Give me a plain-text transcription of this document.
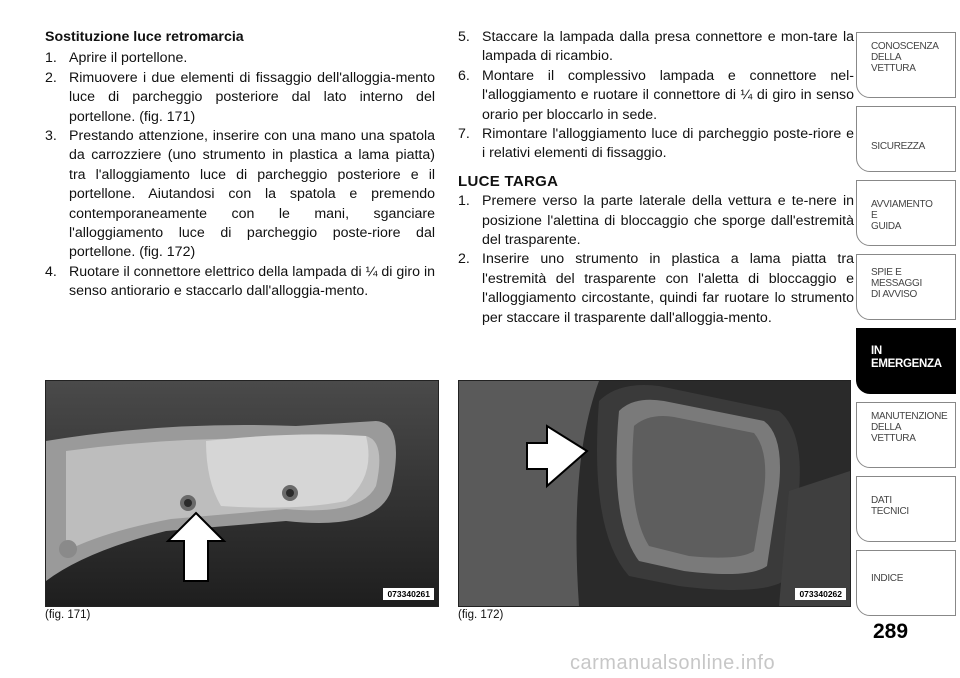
Sostituzione luce retromarcia
1. Aprire il portellone.
2. Rimuovere i due elementi di fissaggio dell'alloggia-mento luce di parcheggio posteriore dal lato interno del portellone. (fig. 171)
3. Prestando attenzione, inserire con una mano una spatola da carrozziere (uno strumento in plastica a lama piatta) tra l'alloggiamento luce di parcheggio posteriore e il portellone. Aiutandosi con la spatola e premendo contemporaneamente con le mani, sganciare l'alloggiamento luce di parcheggio poste-riore dal portellone. (fig. 172)
4. Ruotare il connettore elettrico della lampada di ¼ di giro in senso antiorario e staccarlo dall'alloggia-mento.
5. Staccare la lampada dalla presa connettore e mon-tare la lampada di ricambio.
6. Montare il complessivo lampada e connettore nel-l'alloggiamento e ruotare il connettore di ¼ di giro in senso orario per bloccarlo in sede.
7. Rimontare l'alloggiamento luce di parcheggio poste-riore e i relativi elementi di fissaggio.
LUCE TARGA
1. Premere verso la parte laterale della vettura e te-nere in posizione l'alettina di bloccaggio che sporge dall'estremità del trasparente.
2. Inserire uno strumento in plastica a lama piatta tra l'estremità del trasparente con l'aletta di bloccaggio e l'alloggiamento circostante, quindi far ruotare lo strumento per staccare il trasparente dall'alloggia-mento.
073340261
(fig. 171)
073340262
(fig. 172)
CONOSCENZA
DELLA
VETTURA
SICUREZZA
AVVIAMENTO
E
GUIDA
SPIE E
MESSAGGI
DI AVVISO
IN
EMERGENZA
MANUTENZIONE
DELLA
VETTURA
DATI
TECNICI
INDICE
289
carmanualsonline.info
